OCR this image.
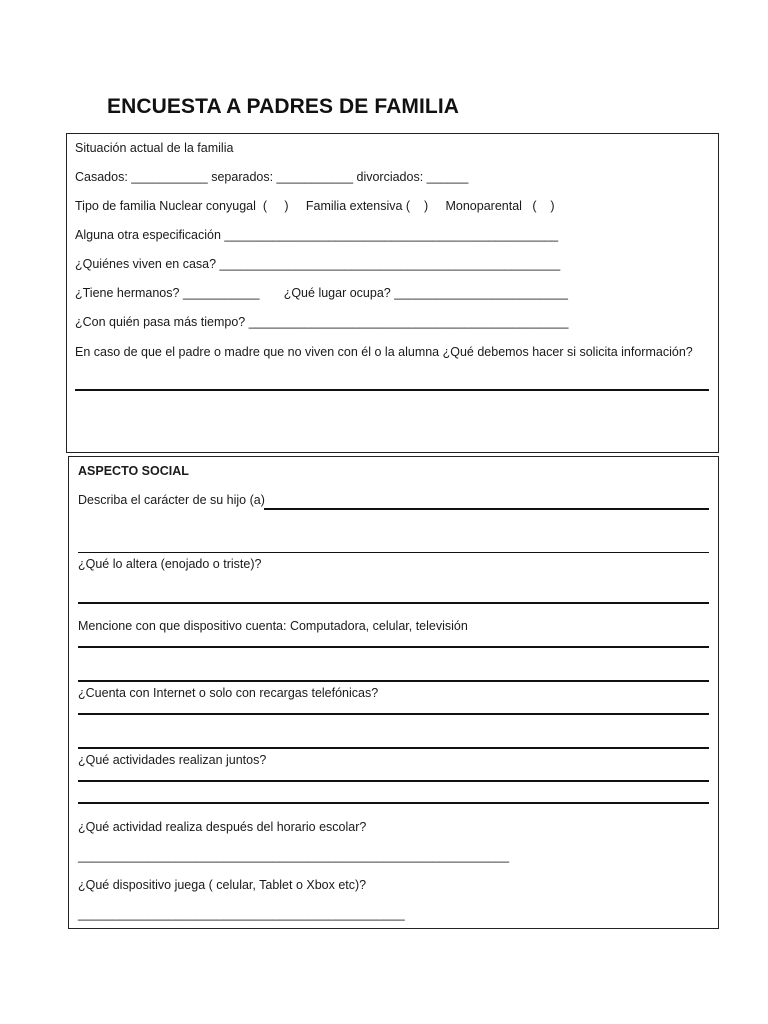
ENCUESTA A PADRES DE FAMILIA
Situación actual de la familia
Casados: ___________ separados: ___________ divorciados: ______
Tipo de familia Nuclear conyugal  (     )     Familia extensiva (    )     Monoparental   (    )
Alguna otra especificación ________________________________________________
¿Quiénes viven en casa? _________________________________________________
¿Tiene hermanos? ___________       ¿Qué lugar ocupa? _________________________
¿Con quién pasa más tiempo? ______________________________________________
En caso de que el padre o madre que no viven con él o la alumna ¿Qué debemos hacer si solicita información?
ASPECTO SOCIAL
Describa el carácter de su hijo (a)
¿Qué lo altera (enojado o triste)?
Mencione con que dispositivo cuenta: Computadora, celular, televisión
¿Cuenta con Internet o solo con recargas telefónicas?
¿Qué actividades realizan juntos?
¿Qué actividad realiza después del horario escolar?
______________________________________________________________
¿Qué dispositivo juega ( celular, Tablet o Xbox etc)?
_______________________________________________
